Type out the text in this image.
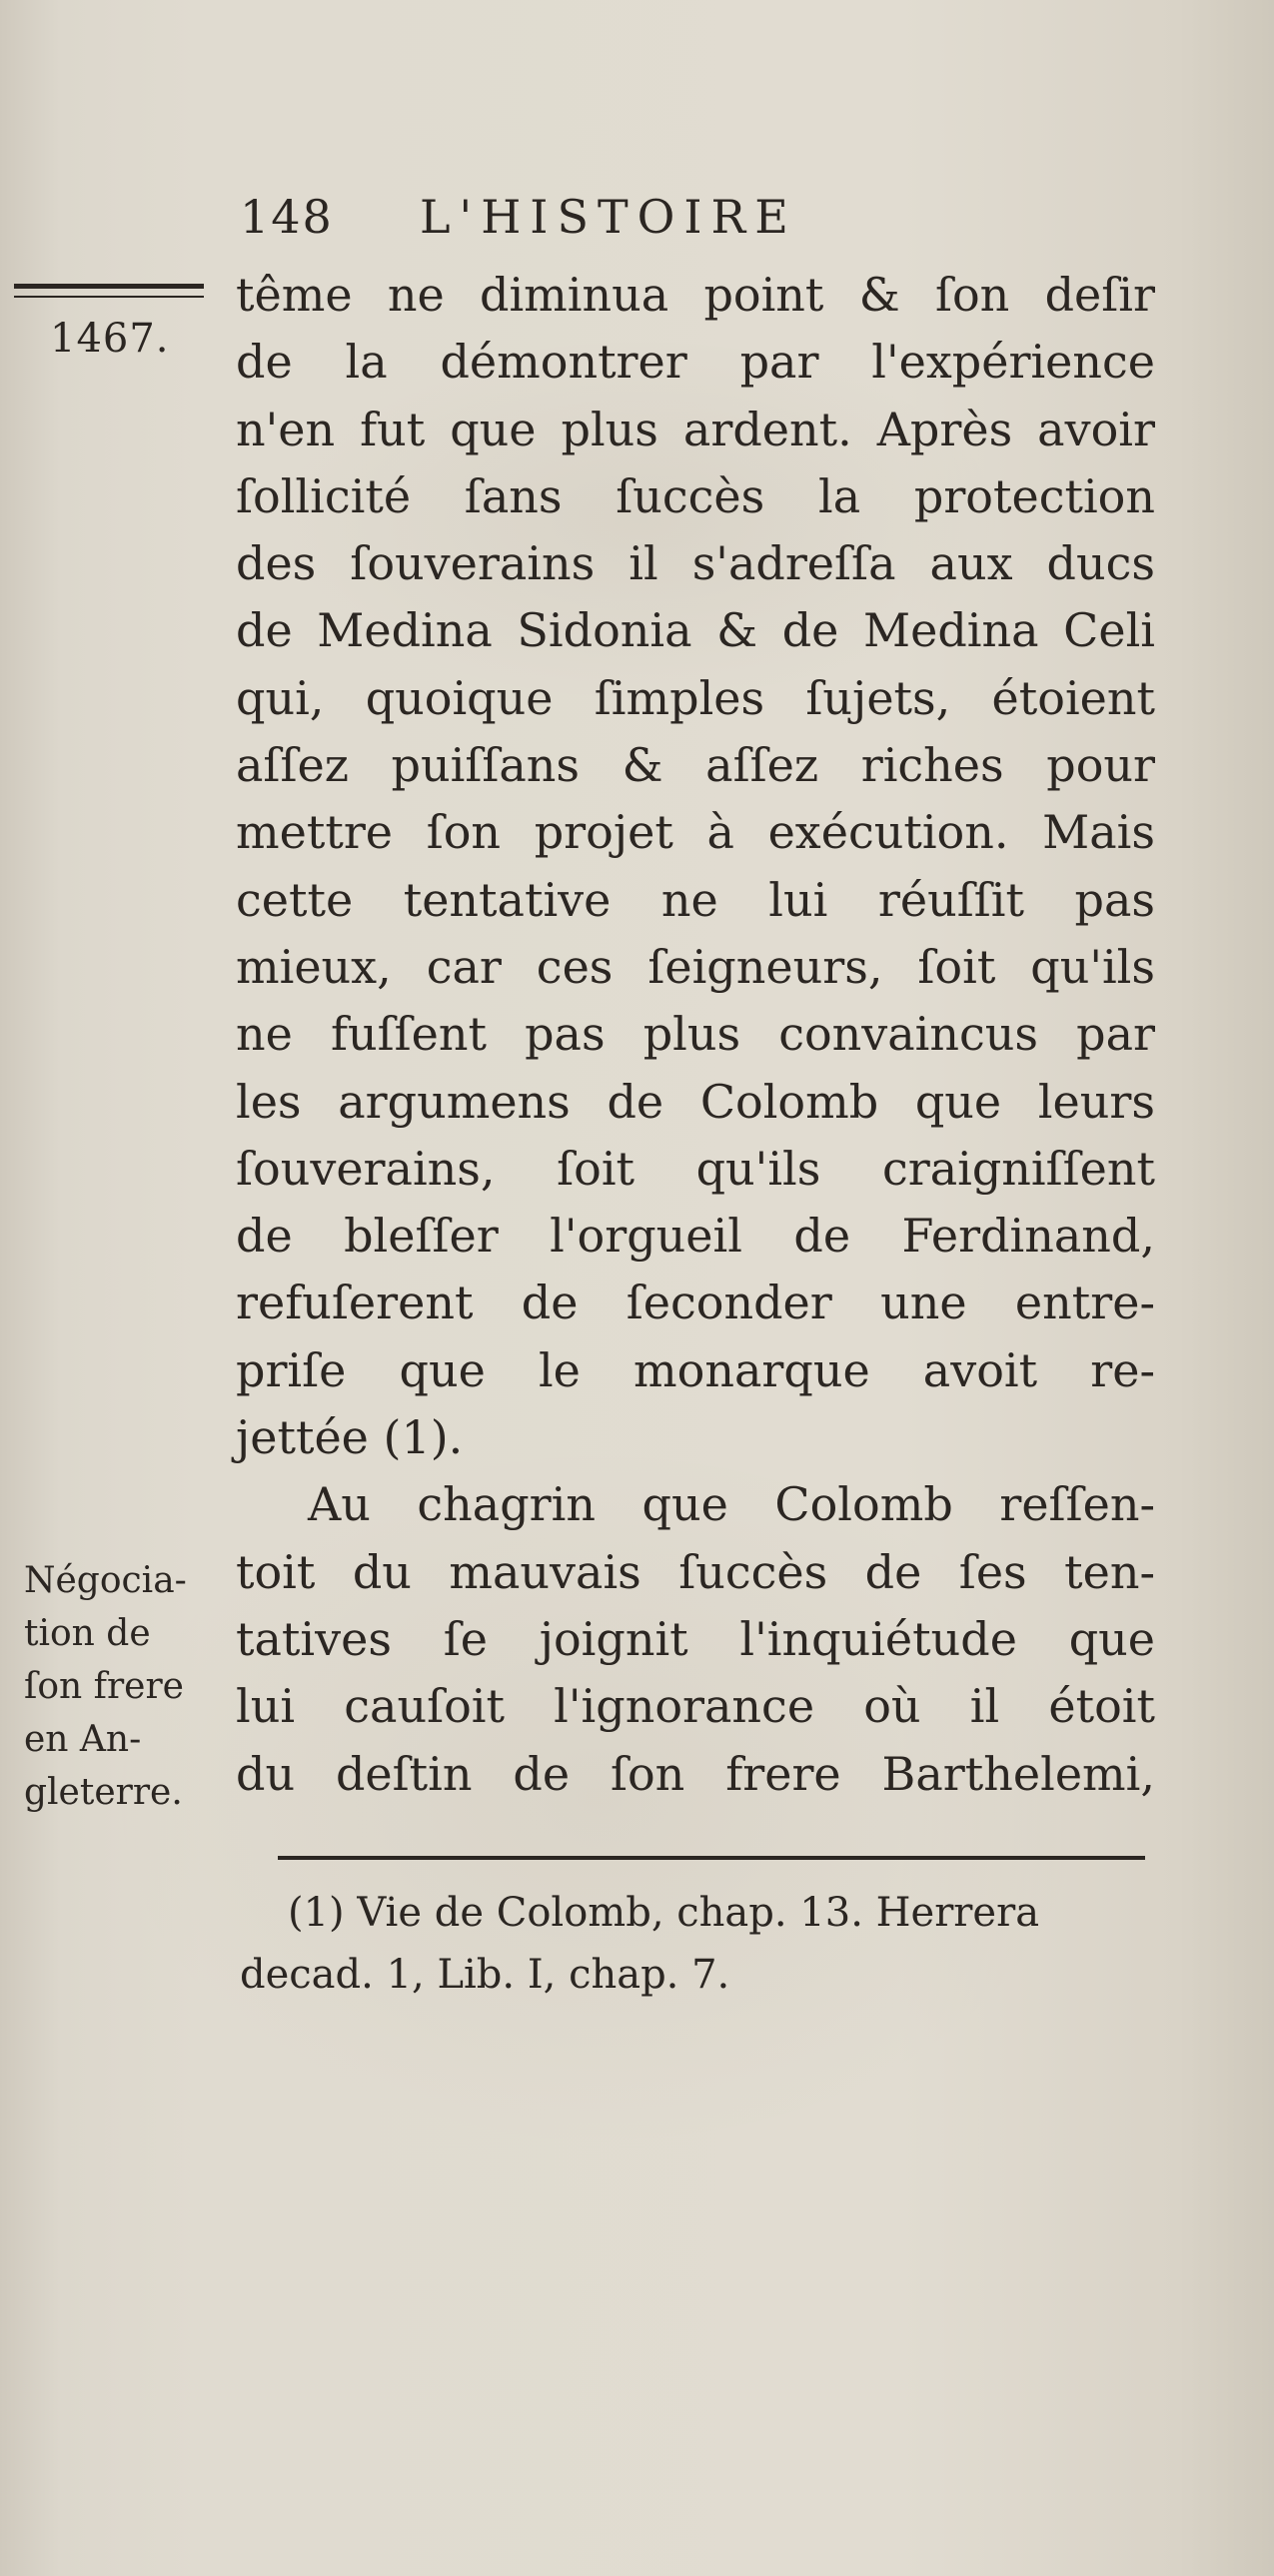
148 L'HISTOIRE
1467.
tême ne diminua point & ſon deſir
de la démontrer par l'expérience
n'en fut que plus ardent. Après avoir
ſollicité ſans ſuccès la protection
des ſouverains il s'adreſſa aux ducs
de Medina Sidonia & de Medina Celi
qui, quoique ſimples ſujets, étoient
aſſez puiſſans & aſſez riches pour
mettre ſon projet à exécution. Mais
cette tentative ne lui réuſſit pas
mieux, car ces ſeigneurs, ſoit qu'ils
ne fuſſent pas plus convaincus par
les argumens de Colomb que leurs
ſouverains, ſoit qu'ils craigniſſent
de bleſſer l'orgueil de Ferdinand,
refuſerent de ſeconder une entre-
priſe que le monarque avoit re-
jettée (1).
Au chagrin que Colomb reſſen-
toit du mauvais ſuccès de ſes ten-
tatives ſe joignit l'inquiétude que
lui cauſoit l'ignorance où il étoit
du deſtin de ſon frere Barthelemi,
Négocia-
tion de
ſon frere
en An-
gleterre.
(1) Vie de Colomb, chap. 13. Herrera
decad. 1, Lib. I, chap. 7.
